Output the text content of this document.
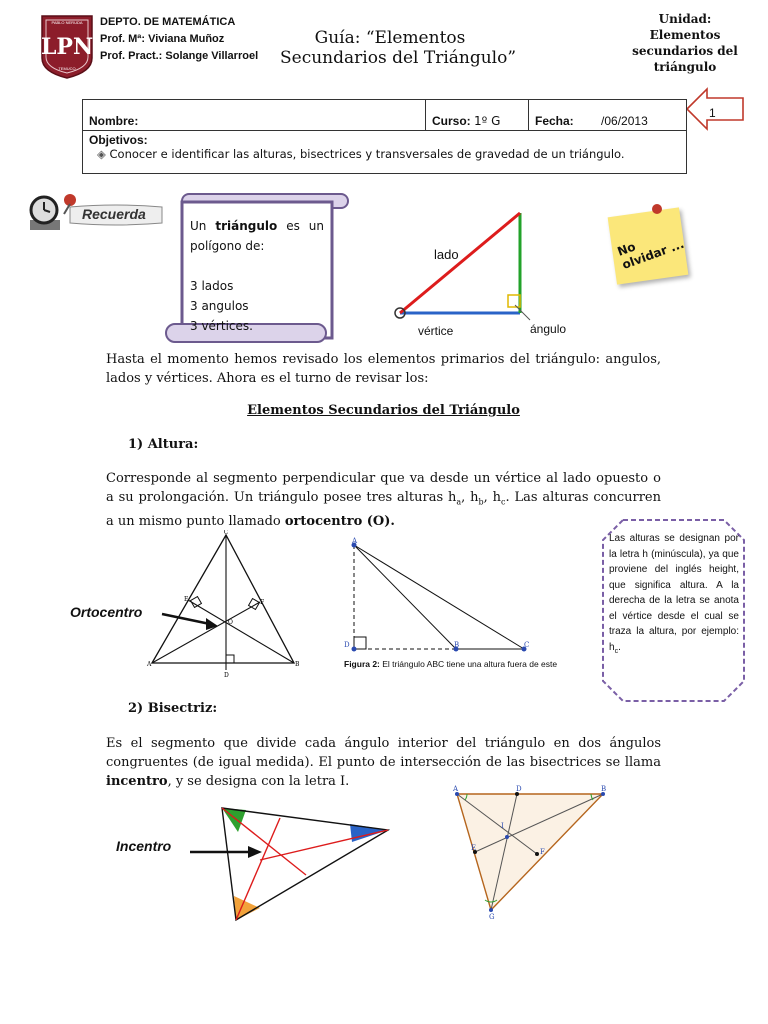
PABLO NERUDA
LPN
TEMUCO
DEPTO. DE MATEMÁTICA
Prof. Mª: Viviana Muñoz
Prof. Pract.: Solange Villarroel
Guía: “Elementos
Secundarios del Triángulo”
Unidad:
Elementos
secundarios del
triángulo
1
Nombre:	Curso: 1º G	Fecha: /06/2013

Objetivos:
◈ Conocer e identificar las alturas, bisectrices y transversales de gravedad de un triángulo.
Recuerda
Un triángulo es un polígono de:
3 lados
3 angulos
3 vértices.
lado
vértice	ángulo
No olvidar ...
Hasta el momento hemos revisado los elementos primarios del triángulo: angulos, lados y vértices. Ahora es el turno de revisar los:
Elementos Secundarios del Triángulo
1) Altura:
Corresponde al segmento perpendicular que va desde un vértice al lado opuesto o a su prolongación. Un triángulo posee tres alturas $h_a$, $h_b$, $h_c$. Las alturas concurren a un mismo punto llamado ortocentro (O).
C
A	B
D
E	F
O
Ortocentro
A
D	B	C
Figura 2: El triángulo ABC tiene una altura fuera de este
Las alturas se designan por la letra h (minúscula), ya que proviene del inglés height, que significa altura. A la derecha de la letra se anota el vértice desde el cual se traza la altura, por ejemplo: $h_c$.
2) Bisectriz:
Es el segmento que divide cada ángulo interior del triángulo en dos ángulos congruentes (de igual medida). El punto de intersección de las bisectrices se llama incentro, y se designa con la letra I.
Incentro
A	B
D
I
E	F
G
